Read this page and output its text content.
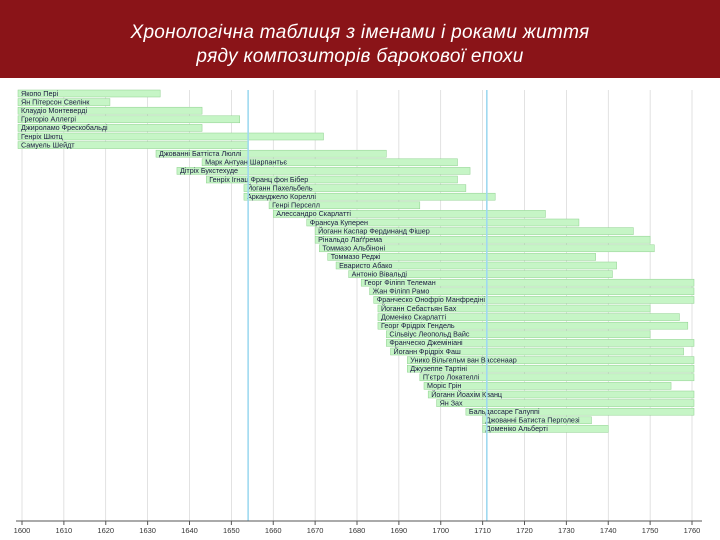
Хронологічна таблиця з іменами і роками життя
ряду композиторів барокової епохи
Якопо Пері
Ян Пітерсон Свелінк
Клаудіо Монтеверді
Грегоріо Аллегрі
Джироламо Фрескобальді
Генріх Шютц
Самуель Шейдт
Джованні Баттіста Люллі
Марк Антуан Шарпантьє
Дітріх Букстехуде
Генріх Ігнац Франц фон Бібер
Йоганн Пахельбель
Арканджело Кореллі
Генрі Перселл
Алессандро Скарлатті
Франсуа Куперен
Йоганн Каспар Фердинанд Фішер
Рінальдо Лаґґрема
Томмазо Альбіноні
Томмазо Реджі
Еваристо Абако
Антоніо Вівальді
Георг Філіпп Телеман
Жан Філіпп Рамо
Франческо Онофріо Манфредіні
Йоганн Себастьян Бах
Доменіко Скарлатті
Георг Фрідріх Гендель
Сільвіус Леопольд Вайс
Франческо Джемініані
Йоганн Фрідріх Фаш
Унико Вільгельм ван Вассенаар
Джузеппе Тартіні
Пʼєтро Локателлі
Моріс Грін
Йоганн Йоахім Кванц
Ян Зах
Бальдассаре Галуппі
Джованні Батиста Перголезі
Доменіко Альберті
1600	1610	1620	1630	1640	1650	1660	1670	1680	1690	1700	1710	1720	1730	1740	1750	1760
